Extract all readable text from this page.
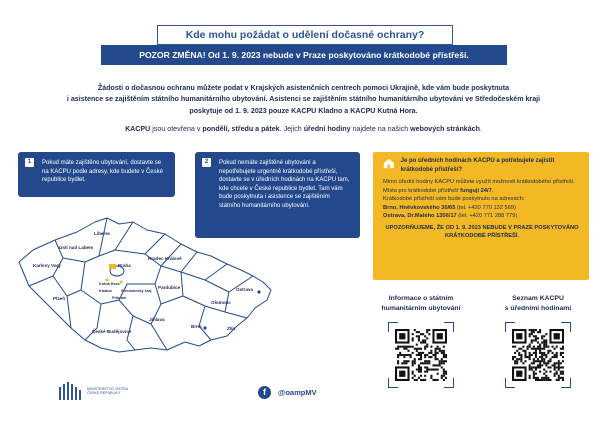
Kde mohu požádat o udělení dočasné ochrany?
POZOR ZMĚNA! Od 1. 9. 2023 nebude v Praze poskytováno krátkodobé přístřeší.
Žádosti o dočasnou ochranu můžete podat v Krajských asistenčních centrech pomoci Ukrajině, kde vám bude poskytnuta
i asistence se zajištěním státního humanitárního ubytování. Asistenci se zajištěním státního humanitárního ubytování ve Středočeském kraji
poskytuje od 1. 9. 2023 pouze KACPU Kladno a KACPU Kutná Hora.
KACPU jsou otevřena v pondělí, středu a pátek. Jejich úřední hodiny najdete na našich webových stránkách.
1	Pokud máte zajištěno ubytování, dostavte se na KACPU podle adresy, kde budete v České republice bydlet.
2	Pokud nemáte zajištěné ubytování a nepotřebujete urgentně krátkodobé přístřeší, dostavte se v úředních hodinách na KACPU tam, kde chcete v České republice bydlet. Tam vám bude poskytnuta i asistence se zajištěním státního humanitárního ubytování.
Je po úředních hodinách KACPU a potřebujete zajistit krátkodobé přístřeší?

Mimo úřední hodiny KACPU můžete využít možnosti krátkodobého přístřeší.

Místa pro krátkodobé přístřeší fungují 24/7.

Krátkodobé přístřeší vám bude poskytnuto na adresách:

Brno, Hněvkovského 30/65 (tel. +420 770 132 569)

Ostrava, Dr.Malého 1356/17 (tel. +420 771 288 779)

UPOZORŇUJEME, ŽE OD 1. 9. 2023 NEBUDE V PRAZE POSKYTOVÁNO KRÁTKODOBÉ PŘÍSTŘEŠÍ.

Liberec
Ústí nad Labem
Karlovy Vary	Praha
Kutná Hora
Kladno Středočeský kraj
Příbram
Hradec Králové
Pardubice
Plzeň
Jihlava
Olomouc
Ostrava
Zlín
Brno
České Budějovice
Informace o státním
humanitárním ubytování
Seznam KACPU
s úředními hodinami
MINISTERSTVO VNITRA
ČESKÉ REPUBLIKY	f	@oampMV
